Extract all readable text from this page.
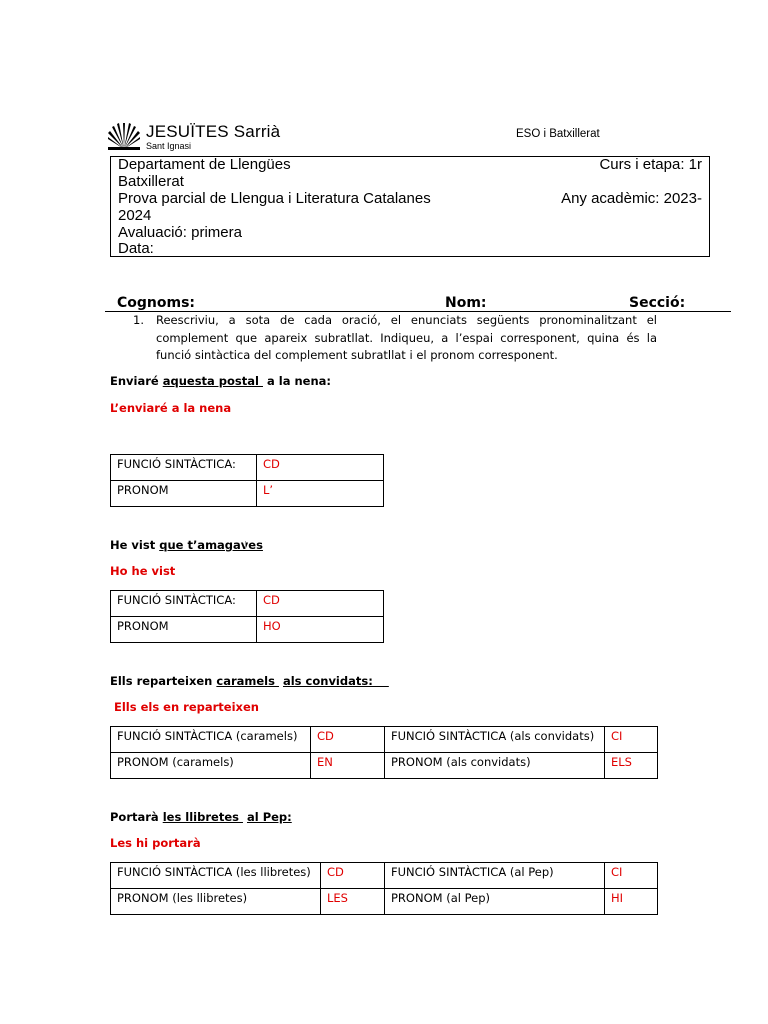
JESUÏTES Sarrià
Sant Ignasi
ESO i Batxillerat
Departament de Llengües	Curs i etapa: 1r
Batxillerat
Prova parcial de Llengua i Literatura Catalanes	Any acadèmic: 2023-
2024
Avaluació: primera
Data:
Cognoms:	Nom:	Secció:
1. Reescriviu, a sota de cada oració, el enunciats següents pronominalitzant el complement que apareix subratllat. Indiqueu, a l’espai corresponent, quina és la funció sintàctica del complement subratllat i el pronom corresponent.
Enviaré aquesta postal  a la nena:
L’enviaré a la nena
FUNCIÓ SINTÀCTICA:	CD
PRONOM	L’
He vist que t’amagaves
Ho he vist
FUNCIÓ SINTÀCTICA:	CD
PRONOM	HO
Ells reparteixen caramels  als convidats:
Ells els en reparteixen
FUNCIÓ SINTÀCTICA (caramels)	CD	FUNCIÓ SINTÀCTICA (als convidats)	CI
PRONOM (caramels)	EN	PRONOM (als convidats)	ELS
Portarà les llibretes  al Pep:
Les hi portarà
FUNCIÓ SINTÀCTICA (les llibretes)	CD	FUNCIÓ SINTÀCTICA (al Pep)	CI
PRONOM (les llibretes)	LES	PRONOM (al Pep)	HI
